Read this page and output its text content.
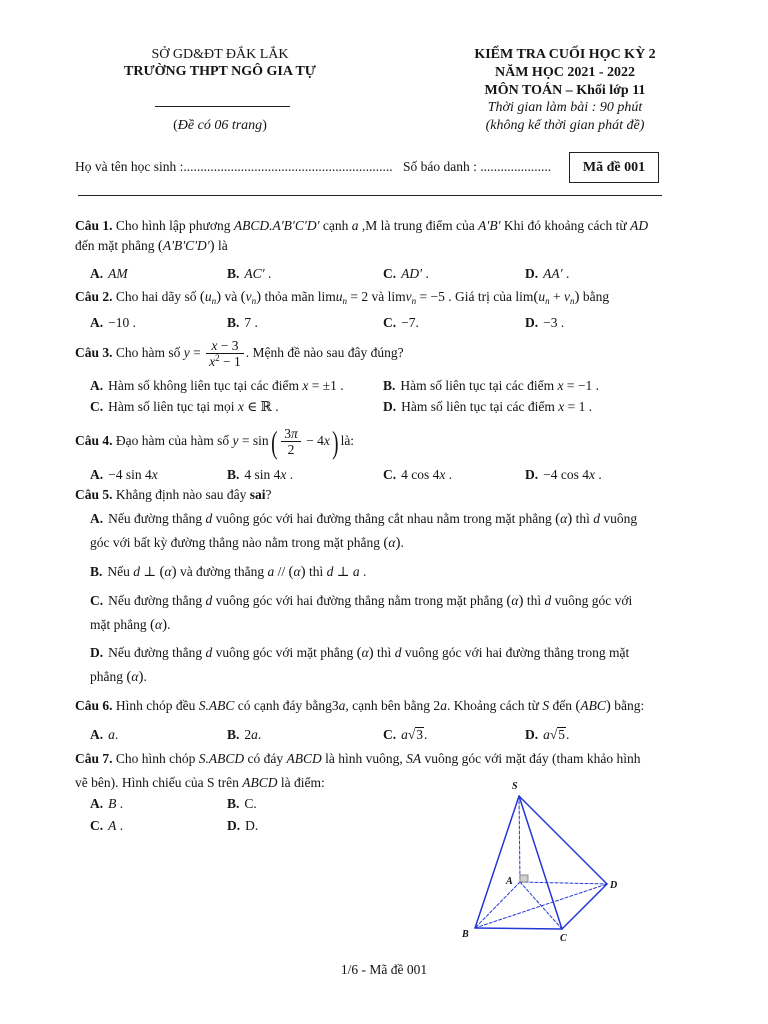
SỞ GD&ĐT ĐẮK LẮK
TRƯỜNG THPT NGÔ GIA TỰ
(Đề có 06 trang)
KIỂM TRA CUỐI HỌC KỲ 2
NĂM HỌC 2021 - 2022
MÔN TOÁN – Khối lớp 11
Thời gian làm bài : 90 phút
(không kể thời gian phát đề)
Họ và tên học sinh :.............................................................. Số báo danh : ..................... Mã đề 001
Câu 1. Cho hình lập phương ABCD.A′B′C′D′ cạnh a ,M là trung điểm của A′B′ Khi đó khoảng cách từ AD
đến mặt phẳng (A'B'C'D') là
A. AM	B. AC′ .	C. AD′ .	D. AA′ .
Câu 2. Cho hai dãy số $(u_n)$ và $(v_n)$ thỏa mãn limu$_n$ = 2 và limv$_n$ = −5 . Giá trị của $\lim(u_n + v_n)$ bằng
A. −10 .	B. 7 .	C. −7.	D. −3 .
Câu 3. Cho hàm số $y = \frac{x - 3}{x^2 - 1}$ . Mệnh đề nào sau đây đúng?
A. Hàm số không liên tục tại các điểm x = ±1 .	B. Hàm số liên tục tại các điểm x = −1 .
C. Hàm số liên tục tại mọi x ∈ ℝ .	D. Hàm số liên tục tại các điểm x = 1 .
Câu 4. Đạo hàm của hàm số $y = \sin( \frac{3\pi}{2} - 4x)$ là:
A. −4 sin 4x	B. 4 sin 4x .	C. 4 cos 4x .	D. −4 cos 4x .
Câu 5. Khẳng định nào sau đây sai?
A. Nếu đường thẳng d vuông góc với hai đường thẳng cắt nhau nằm trong mặt phẳng (α) thì d vuông
góc với bất kỳ đường thẳng nào nằm trong mặt phẳng (α).
B. Nếu d ⊥ (α) và đường thẳng a // (α) thì d ⊥ a .
C. Nếu đường thẳng d vuông góc với hai đường thẳng nằm trong mặt phẳng (α) thì d vuông góc với
mặt phẳng (α).
D. Nếu đường thẳng d vuông góc với mặt phẳng (α) thì d vuông góc với hai đường thẳng trong mặt
phẳng (α).
Câu 6. Hình chóp đều S.ABC có cạnh đáy bằng3a, cạnh bên bằng 2a. Khoảng cách từ S đến (ABC) bằng:
A. a.	B. 2a.	C. a√3.	D. a√5.
Câu 7. Cho hình chóp S.ABCD có đáy ABCD là hình vuông, SA vuông góc với mặt đáy (tham khảo hình
vẽ bên). Hình chiếu của S trên ABCD là điểm:
A. B .	B. C.
C. A .	D. D.
S
A
B	C
D
1/6 - Mã đề 001
